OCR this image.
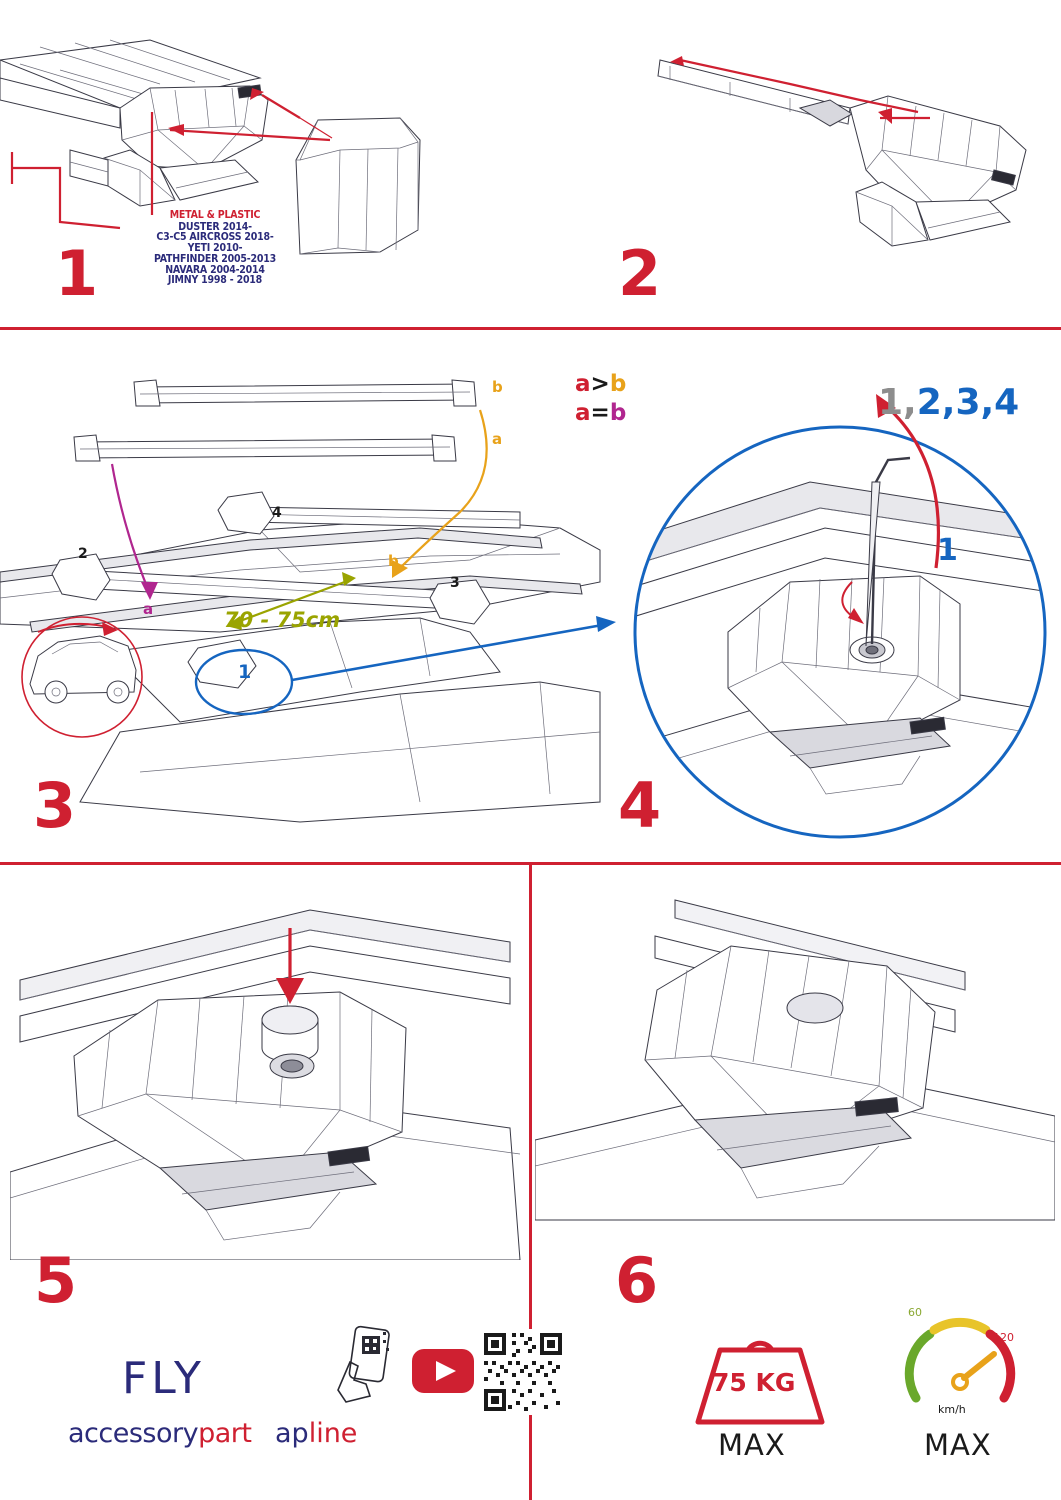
METAL & PLASTIC
DUSTER 2014-
C3-C5 AIRCROSS 2018-
YETI 2010-
PATHFINDER 2005-2013
NAVARA 2004-2014
JIMNY 1998 - 2018
1	2
b
a
b
a
2
3
4
1
70 - 75cm
a>b
a=b
3
1
1,2,3,4
4
5
FLY
accessorypart apline
6
75 KG
MAX
60
120
km/h
MAX
